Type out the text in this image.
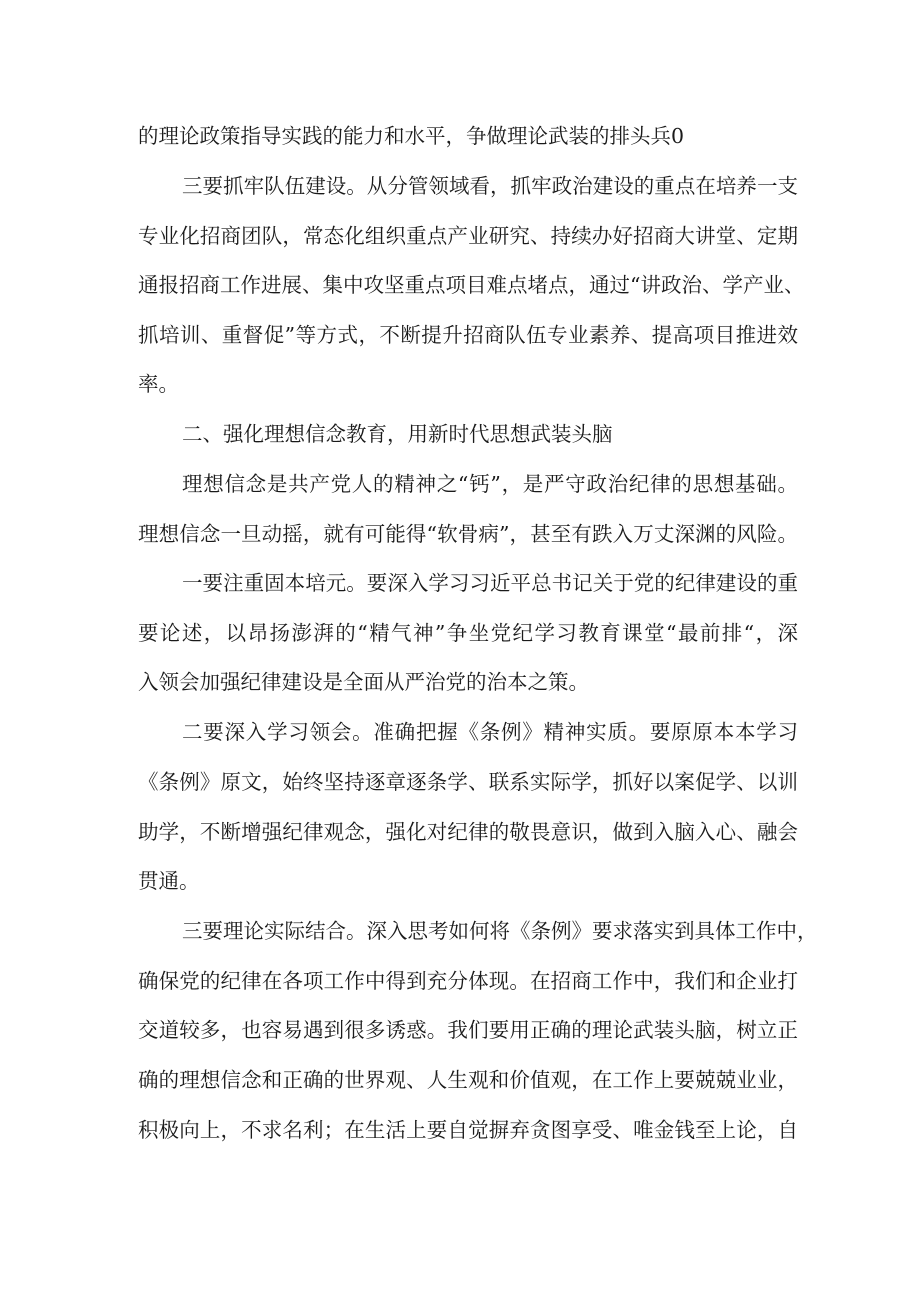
的理论政策指导实践的能力和水平，争做理论武装的排头兵0
三要抓牢队伍建设。从分管领域看，抓牢政治建设的重点在培养一支
专业化招商团队，常态化组织重点产业研究、持续办好招商大讲堂、定期
通报招商工作进展、集中攻坚重点项目难点堵点，通过“讲政治、学产业、
抓培训、重督促”等方式，不断提升招商队伍专业素养、提高项目推进效
率。
二、强化理想信念教育，用新时代思想武装头脑
理想信念是共产党人的精神之“钙”，是严守政治纪律的思想基础。
理想信念一旦动摇，就有可能得“软骨病”，甚至有跌入万丈深渊的风险。
一要注重固本培元。要深入学习习近平总书记关于党的纪律建设的重
要论述，以昂扬澎湃的“精气神”争坐党纪学习教育课堂“最前排“，深
入领会加强纪律建设是全面从严治党的治本之策。
二要深入学习领会。准确把握《条例》精神实质。要原原本本学习
《条例》原文，始终坚持逐章逐条学、联系实际学，抓好以案促学、以训
助学，不断增强纪律观念，强化对纪律的敬畏意识，做到入脑入心、融会
贯通。
三要理论实际结合。深入思考如何将《条例》要求落实到具体工作中，
确保党的纪律在各项工作中得到充分体现。在招商工作中，我们和企业打
交道较多，也容易遇到很多诱惑。我们要用正确的理论武装头脑，树立正
确的理想信念和正确的世界观、人生观和价值观，在工作上要兢兢业业，
积极向上，不求名利；在生活上要自觉摒弃贪图享受、唯金钱至上论，自
